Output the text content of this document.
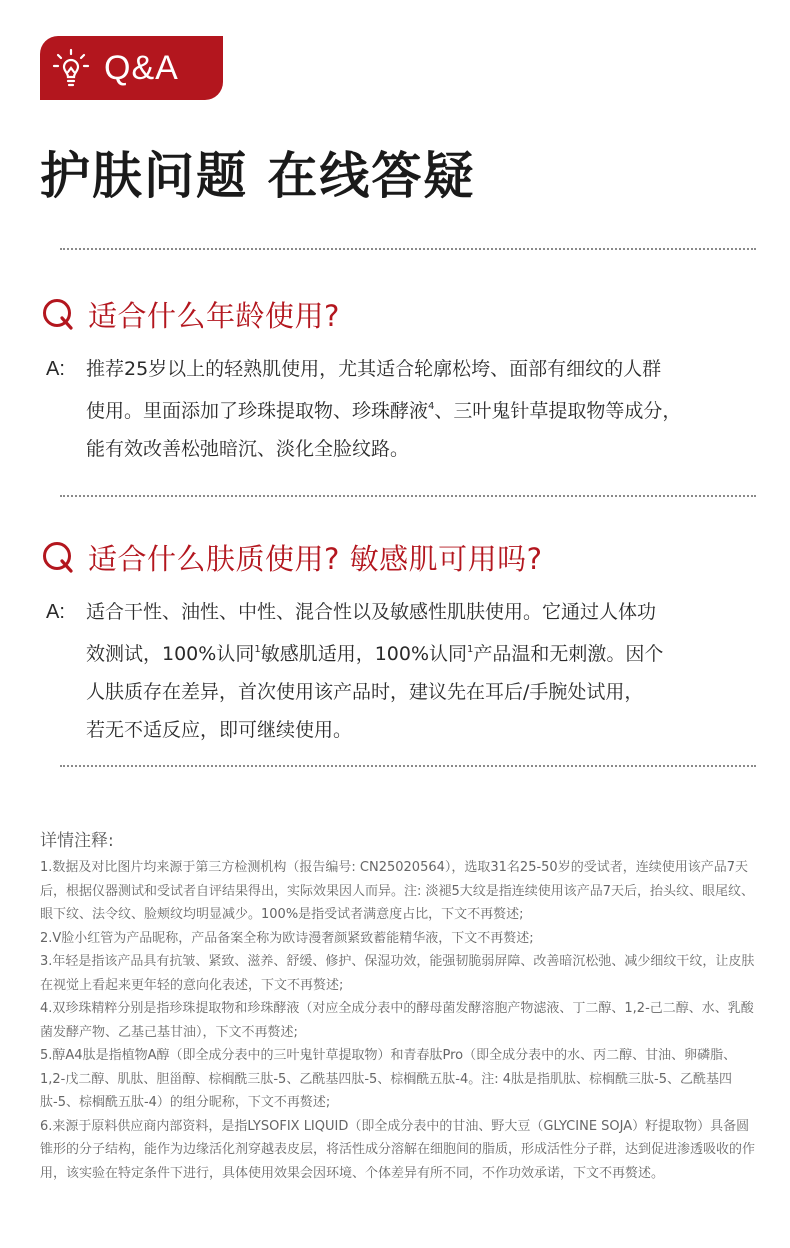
Q&A
护肤问题 在线答疑
适合什么年龄使用?
A:	推荐25岁以上的轻熟肌使用，尤其适合轮廓松垮、面部有细纹的人群
使用。里面添加了珍珠提取物、珍珠酵液$^4$、三叶鬼针草提取物等成分，
能有效改善松弛暗沉、淡化全脸纹路。
适合什么肤质使用? 敏感肌可用吗?
A:	适合干性、油性、中性、混合性以及敏感性肌肤使用。它通过人体功
效测试，100%认同$^1$敏感肌适用，100%认同$^1$产品温和无刺激。因个
人肤质存在差异，首次使用该产品时，建议先在耳后/手腕处试用，
若无不适反应，即可继续使用。

详情注释:

1.数据及对比图片均来源于第三方检测机构（报告编号: CN25020564），选取31名25-50岁的受试者，连续使用该产品7天后，根据仪器测试和受试者自评结果得出，实际效果因人而异。注: 淡褪5大纹是指连续使用该产品7天后，抬头纹、眼尾纹、眼下纹、法令纹、脸颊纹均明显减少。100%是指受试者满意度占比，下文不再赘述;

2.V脸小红管为产品昵称，产品备案全称为欧诗漫奢颜紧致蓄能精华液，下文不再赘述;

3.年轻是指该产品具有抗皱、紧致、滋养、舒缓、修护、保湿功效，能强韧脆弱屏障、改善暗沉松弛、减少细纹干纹，让皮肤在视觉上看起来更年轻的意向化表述，下文不再赘述;

4.双珍珠精粹分别是指珍珠提取物和珍珠酵液（对应全成分表中的酵母菌发酵溶胞产物滤液、丁二醇、1,2-己二醇、水、乳酸菌发酵产物、乙基己基甘油），下文不再赘述;

5.醇A4肽是指植物A醇（即全成分表中的三叶鬼针草提取物）和青春肽Pro（即全成分表中的水、丙二醇、甘油、卵磷脂、1,2-戊二醇、肌肽、胆甾醇、棕榈酰三肽-5、乙酰基四肽-5、棕榈酰五肽-4。注: 4肽是指肌肽、棕榈酰三肽-5、乙酰基四肽-5、棕榈酰五肽-4）的组分昵称，下文不再赘述;

6.来源于原料供应商内部资料，是指LYSOFIX LIQUID（即全成分表中的甘油、野大豆（GLYCINE SOJA）籽提取物）具备圆锥形的分子结构，能作为边缘活化剂穿越表皮层，将活性成分溶解在细胞间的脂质，形成活性分子群，达到促进渗透吸收的作用，该实验在特定条件下进行，具体使用效果会因环境、个体差异有所不同，不作功效承诺，下文不再赘述。
